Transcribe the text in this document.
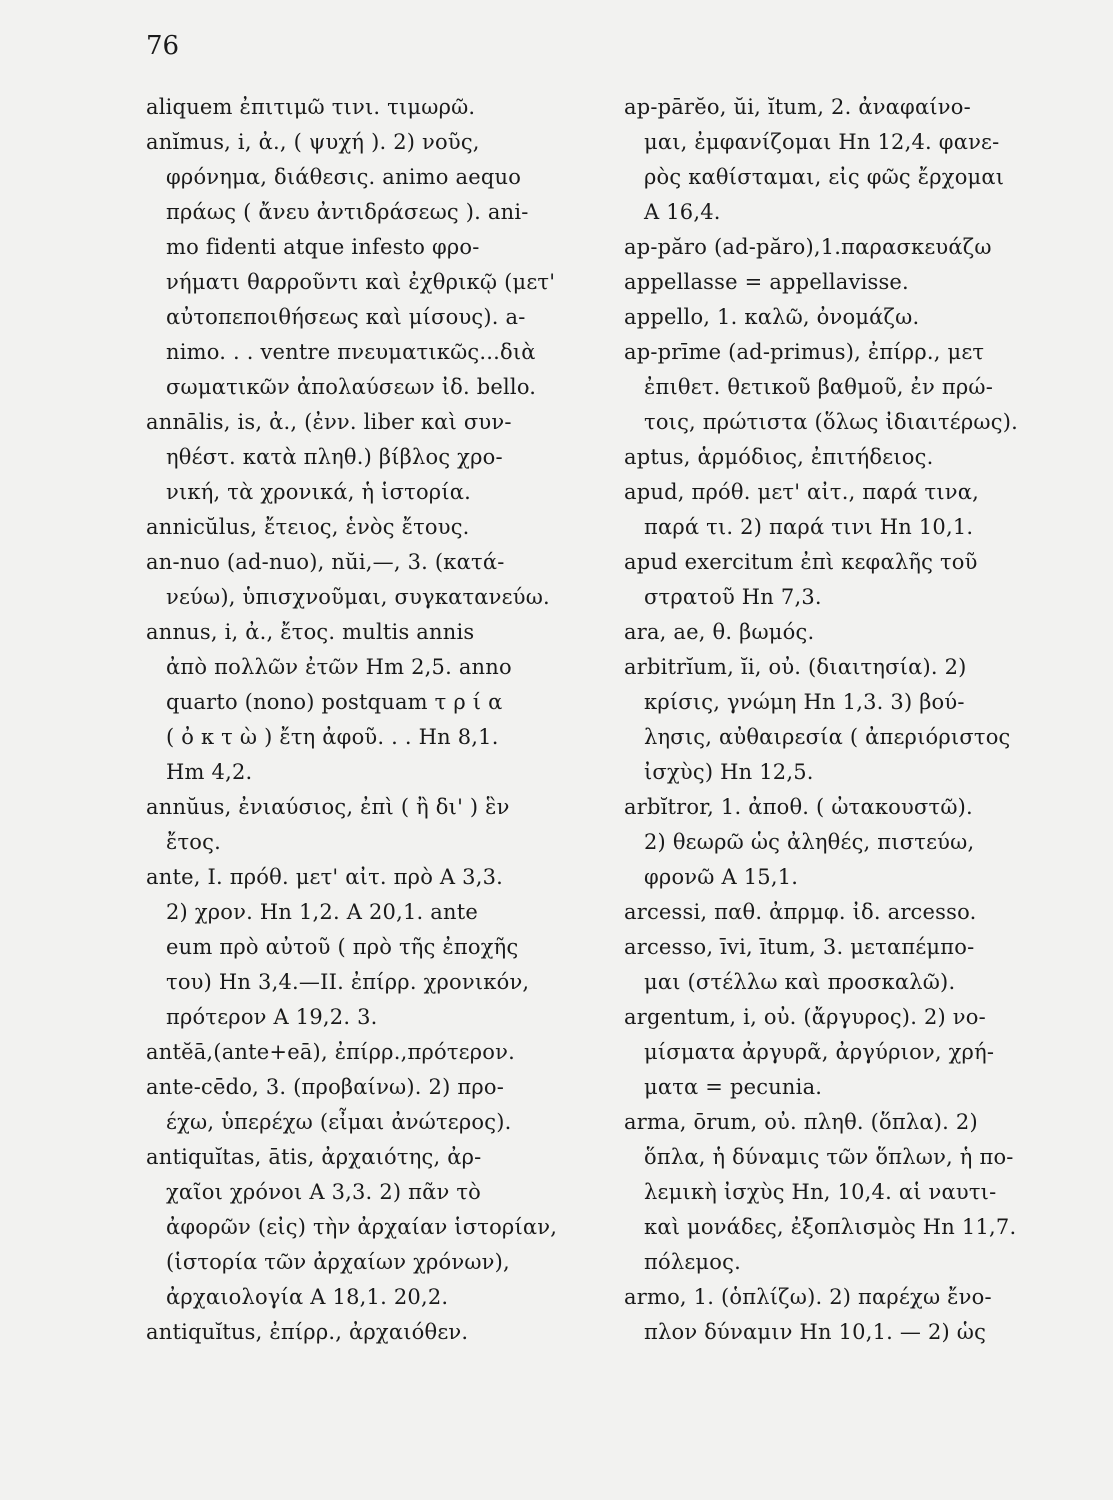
76
aliquem ἐπιτιμῶ τινι. τιμωρῶ.
anĭmus, i, ἀ., ( ψυχή ). 2) νοῦς,
φρόνημα, διάθεσις. animo aequo
πράως ( ἄνευ ἀντιδράσεως ). ani-
mo fidenti atque infesto φρο-
νήματι θαρροῦντι καὶ ἐχθρικῷ (μετ'
αὐτοπεποιθήσεως καὶ μίσους). a-
nimo. . . ventre πνευματικῶς...διὰ
σωματικῶν ἀπολαύσεων ἰδ. bello.
annālis, is, ἀ., (ἐνν. liber καὶ συν-
ηθέστ. κατὰ πληθ.) βίβλος χρο-
νική, τὰ χρονικά, ἡ ἱστορία.
annicŭlus, ἔτειος, ἑνὸς ἔτους.
an-nuo (ad-nuo), nŭi,—, 3. (κατά-
νεύω), ὑπισχνοῦμαι, συγκατανεύω.
annus, i, ἀ., ἔτος. multis annis
ἀπὸ πολλῶν ἐτῶν Hm 2,5. anno
quarto (nono) postquam τ ρ ί α
( ὀ κ τ ὼ ) ἔτη ἀφοῦ. . . Hn 8,1.
Hm 4,2.
annŭus, ἐνιαύσιος, ἐπὶ ( ἢ δι' ) ἓν
ἔτος.
ante, I. πρόθ. μετ' αἰτ. πρὸ A 3,3.
2) χρον. Hn 1,2. A 20,1. ante
eum πρὸ αὐτοῦ ( πρὸ τῆς ἐποχῆς
του) Hn 3,4.—II. ἐπίρρ. χρονικόν,
πρότερον A 19,2. 3.
antĕā,(ante+eā), ἐπίρρ.,πρότερον.
ante-cēdo, 3. (προβαίνω). 2) προ-
έχω, ὑπερέχω (εἶμαι ἀνώτερος).
antiquĭtas, ātis, ἀρχαιότης, ἀρ-
χαῖοι χρόνοι A 3,3. 2) πᾶν τὸ
ἀφορῶν (εἰς) τὴν ἀρχαίαν ἱστορίαν,
(ἱστορία τῶν ἀρχαίων χρόνων),
ἀρχαιολογία A 18,1. 20,2.
antiquĭtus, ἐπίρρ., ἀρχαιόθεν.
ap-pārĕo, ŭi, ĭtum, 2. ἀναφαίνο-
μαι, ἐμφανίζομαι Hn 12,4. φανε-
ρὸς καθίσταμαι, εἰς φῶς ἔρχομαι
A 16,4.
ap-păro (ad-păro),1.παρασκευάζω
appellasse = appellavisse.
appello, 1. καλῶ, ὀνομάζω.
ap-prīme (ad-primus), ἐπίρρ., μετ
ἐπιθετ. θετικοῦ βαθμοῦ, ἐν πρώ-
τοις, πρώτιστα (ὅλως ἰδιαιτέρως).
aptus, ἁρμόδιος, ἐπιτήδειος.
apud, πρόθ. μετ' αἰτ., παρά τινα,
παρά τι. 2) παρά τινι Hn 10,1.
apud exercitum ἐπὶ κεφαλῆς τοῦ
στρατοῦ Hn 7,3.
ara, ae, θ. βωμός.
arbitrĭum, ĭi, οὐ. (διαιτησία). 2)
κρίσις, γνώμη Hn 1,3. 3) βού-
λησις, αὐθαιρεσία ( ἀπεριόριστος
ἰσχὺς) Hn 12,5.
arbĭtror, 1. ἀποθ. ( ὠτακουστῶ).
2) θεωρῶ ὡς ἀληθές, πιστεύω,
φρονῶ A 15,1.
arcessi, παθ. ἀπρμφ. ἰδ. arcesso.
arcesso, īvi, ītum, 3. μεταπέμπο-
μαι (στέλλω καὶ προσκαλῶ).
argentum, i, οὐ. (ἄργυρος). 2) νο-
μίσματα ἀργυρᾶ, ἀργύριον, χρή-
ματα = pecunia.
arma, ōrum, οὐ. πληθ. (ὅπλα). 2)
ὅπλα, ἡ δύναμις τῶν ὅπλων, ἡ πο-
λεμικὴ ἰσχὺς Hn, 10,4. αἱ ναυτι-
καὶ μονάδες, ἐξοπλισμὸς Hn 11,7.
πόλεμος.
armo, 1. (ὁπλίζω). 2) παρέχω ἔνο-
πλον δύναμιν Hn 10,1. — 2) ὡς
